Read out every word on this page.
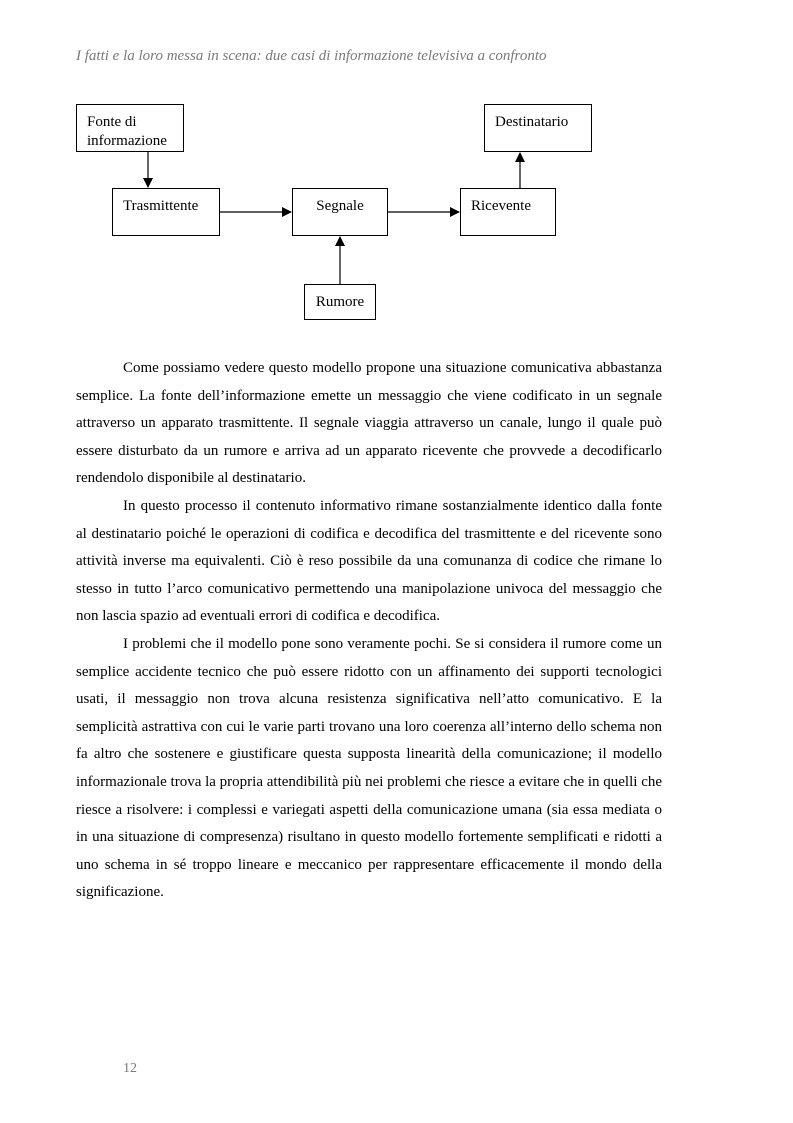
I fatti e la loro messa in scena: due casi di informazione televisiva a confronto
Fonte di
informazione
Trasmittente	Segnale	Ricevente
Destinatario
Rumore

Come possiamo vedere questo modello propone una situazione comunicativa abbastanza semplice. La fonte dell’informazione emette un messaggio che viene codificato in un segnale attraverso un apparato trasmittente. Il segnale viaggia attraverso un canale, lungo il quale può essere disturbato da un rumore e arriva ad un apparato ricevente che provvede a decodificarlo rendendolo disponibile al destinatario.

In questo processo il contenuto informativo rimane sostanzialmente identico dalla fonte al destinatario poiché le operazioni di codifica e decodifica del trasmittente e del ricevente sono attività inverse ma equivalenti. Ciò è reso possibile da una comunanza di codice che rimane lo stesso in tutto l’arco comunicativo permettendo una manipolazione univoca del messaggio che non lascia spazio ad eventuali errori di codifica e decodifica.

I problemi che il modello pone sono veramente pochi. Se si considera il rumore come un semplice accidente tecnico che può essere ridotto con un affinamento dei supporti tecnologici usati, il messaggio non trova alcuna resistenza significativa nell’atto comunicativo. E la semplicità astrattiva con cui le varie parti trovano una loro coerenza all’interno dello schema non fa altro che sostenere e giustificare questa supposta linearità della comunicazione; il modello informazionale trova la propria attendibilità più nei problemi che riesce a evitare che in quelli che riesce a risolvere: i complessi e variegati aspetti della comunicazione umana (sia essa mediata o in una situazione di compresenza) risultano in questo modello fortemente semplificati e ridotti a uno schema in sé troppo lineare e meccanico per rappresentare efficacemente il mondo della significazione.

12
